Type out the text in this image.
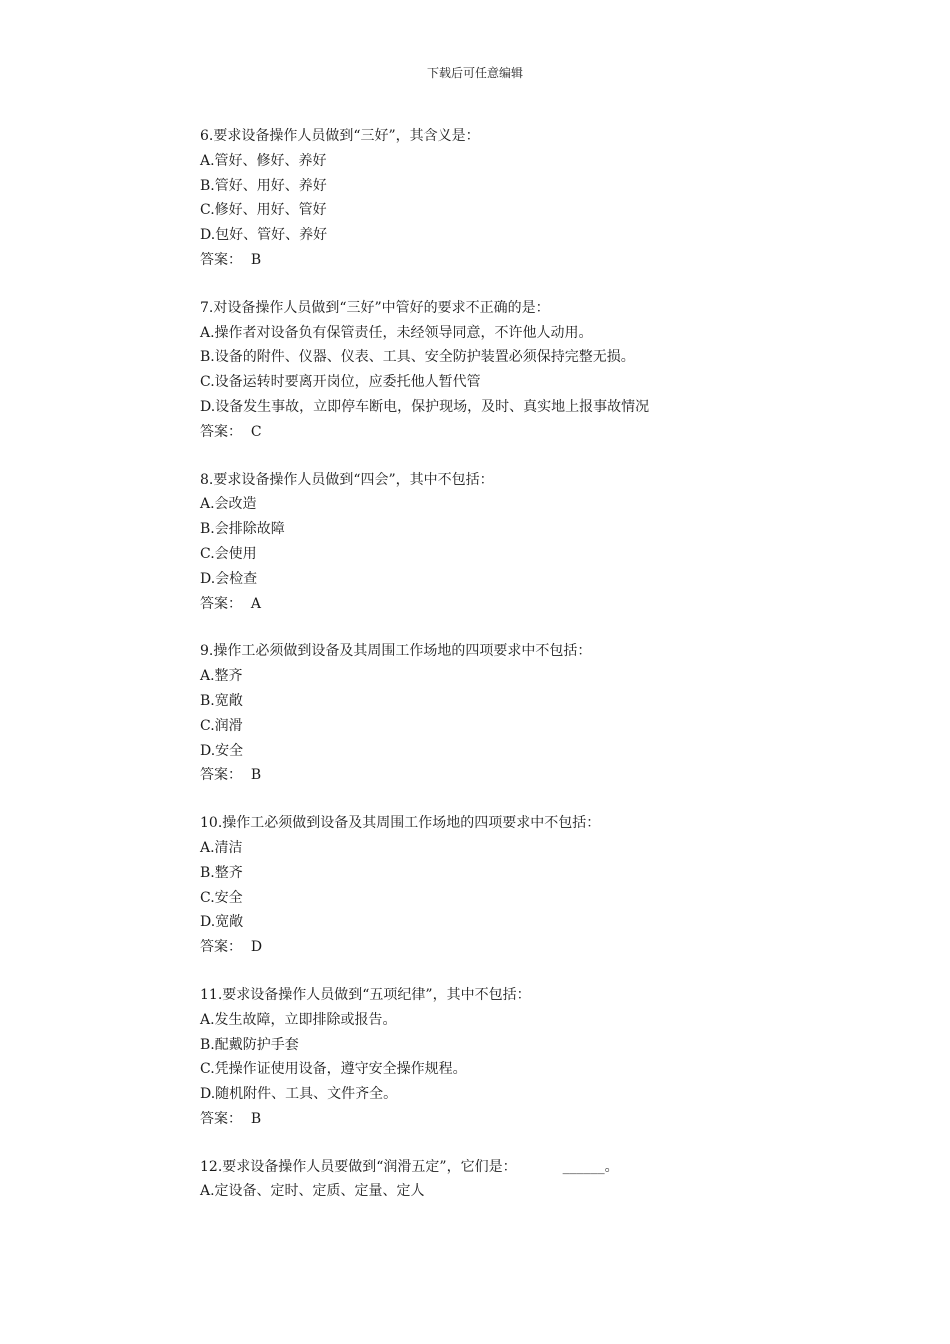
下载后可任意编辑
6.要求设备操作人员做到“三好”，其含义是：
A.管好、修好、养好
B.管好、用好、养好
C.修好、用好、管好
D.包好、管好、养好
答案：  B
7.对设备操作人员做到“三好”中管好的要求不正确的是：
A.操作者对设备负有保管责任，未经领导同意，不许他人动用。
B.设备的附件、仪器、仪表、工具、安全防护装置必须保持完整无损。
C.设备运转时要离开岗位，应委托他人暂代管
D.设备发生事故，立即停车断电，保护现场，及时、真实地上报事故情况
答案：  C
8.要求设备操作人员做到“四会”，其中不包括：
A.会改造
B.会排除故障
C.会使用
D.会检查
答案：  A
9.操作工必须做到设备及其周围工作场地的四项要求中不包括：
A.整齐
B.宽敞
C.润滑
D.安全
答案：  B
10.操作工必须做到设备及其周围工作场地的四项要求中不包括：
A.清洁
B.整齐
C.安全
D.宽敞
答案：  D
11.要求设备操作人员做到“五项纪律”，其中不包括：
A.发生故障，立即排除或报告。
B.配戴防护手套
C.凭操作证使用设备，遵守安全操作规程。
D.随机附件、工具、文件齐全。
答案：  B
12.要求设备操作人员要做到“润滑五定”，它们是：	______。
A.定设备、定时、定质、定量、定人
